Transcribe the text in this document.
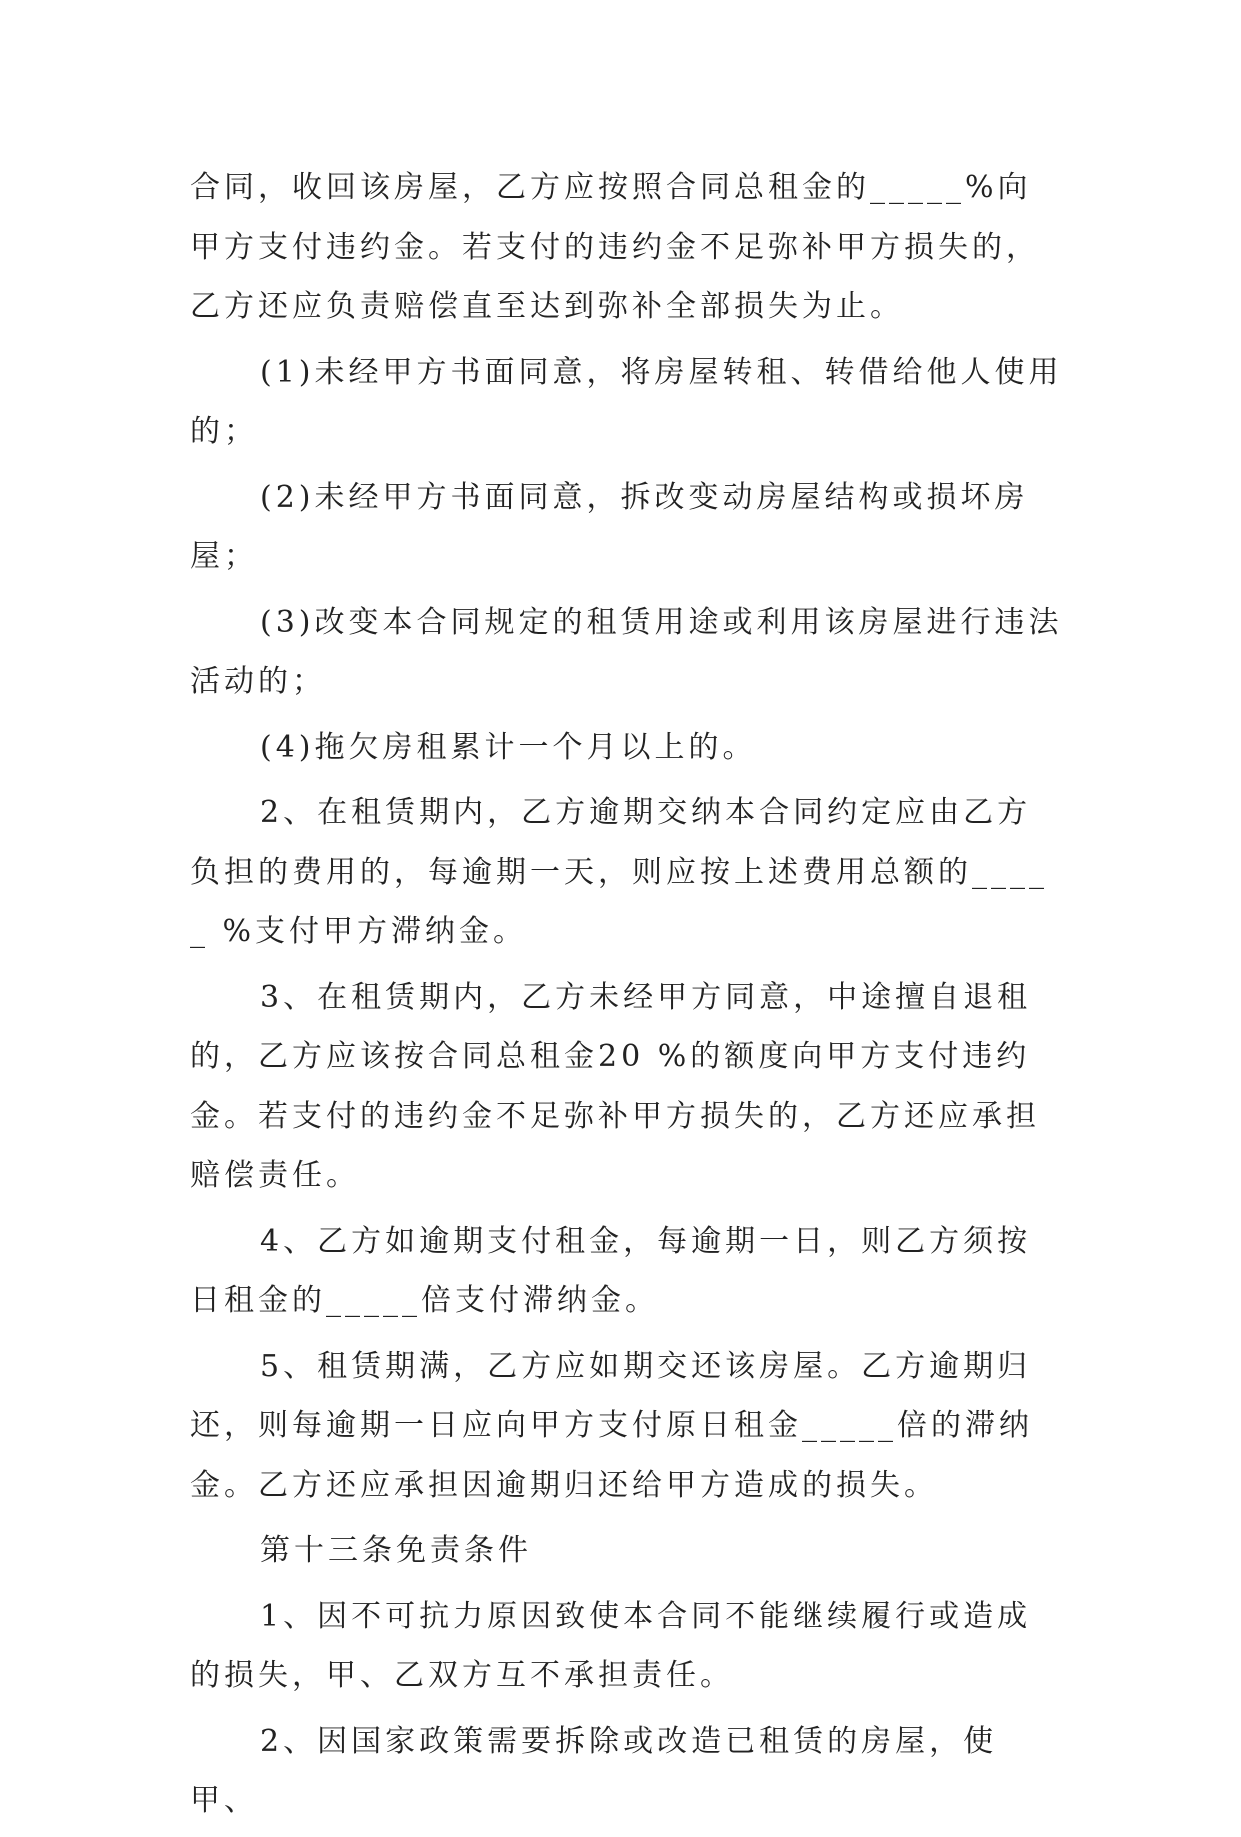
合同，收回该房屋，乙方应按照合同总租金的_____%向甲方支付违约金。若支付的违约金不足弥补甲方损失的，乙方还应负责赔偿直至达到弥补全部损失为止。

(1)未经甲方书面同意，将房屋转租、转借给他人使用的；

(2)未经甲方书面同意，拆改变动房屋结构或损坏房屋；

(3)改变本合同规定的租赁用途或利用该房屋进行违法活动的；

(4)拖欠房租累计一个月以上的。

2、在租赁期内，乙方逾期交纳本合同约定应由乙方负担的费用的，每逾期一天，则应按上述费用总额的_____ %支付甲方滞纳金。

3、在租赁期内，乙方未经甲方同意，中途擅自退租的，乙方应该按合同总租金20 %的额度向甲方支付违约金。若支付的违约金不足弥补甲方损失的，乙方还应承担赔偿责任。

4、乙方如逾期支付租金，每逾期一日，则乙方须按日租金的_____倍支付滞纳金。

5、租赁期满，乙方应如期交还该房屋。乙方逾期归还，则每逾期一日应向甲方支付原日租金_____倍的滞纳金。乙方还应承担因逾期归还给甲方造成的损失。

第十三条免责条件

1、因不可抗力原因致使本合同不能继续履行或造成的损失，甲、乙双方互不承担责任。

2、因国家政策需要拆除或改造已租赁的房屋，使甲、
